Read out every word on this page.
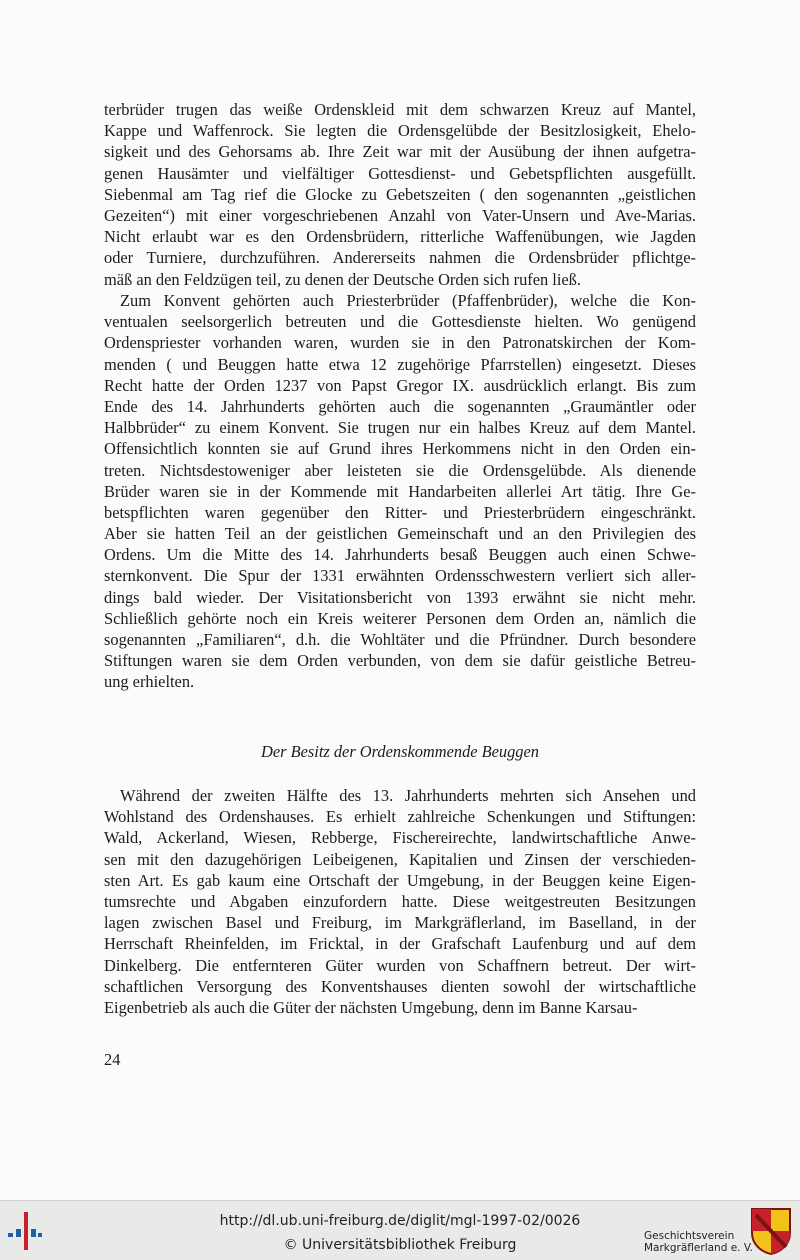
terbrüder trugen das weiße Ordenskleid mit dem schwarzen Kreuz auf Mantel,
Kappe und Waffenrock. Sie legten die Ordensgelübde der Besitzlosigkeit, Ehelo-
sigkeit und des Gehorsams ab. Ihre Zeit war mit der Ausübung der ihnen aufgetra-
genen Hausämter und vielfältiger Gottesdienst- und Gebetspflichten ausgefüllt.
Siebenmal am Tag rief die Glocke zu Gebetszeiten ( den sogenannten „geistlichen
Gezeiten“) mit einer vorgeschriebenen Anzahl von Vater-Unsern und Ave-Marias.
Nicht erlaubt war es den Ordensbrüdern, ritterliche Waffenübungen, wie Jagden
oder Turniere, durchzuführen. Andererseits nahmen die Ordensbrüder pflichtge-
mäß an den Feldzügen teil, zu denen der Deutsche Orden sich rufen ließ.
Zum Konvent gehörten auch Priesterbrüder (Pfaffenbrüder), welche die Kon-
ventualen seelsorgerlich betreuten und die Gottesdienste hielten. Wo genügend
Ordenspriester vorhanden waren, wurden sie in den Patronatskirchen der Kom-
menden ( und Beuggen hatte etwa 12 zugehörige Pfarrstellen) eingesetzt. Dieses
Recht hatte der Orden 1237 von Papst Gregor IX. ausdrücklich erlangt. Bis zum
Ende des 14. Jahrhunderts gehörten auch die sogenannten „Graumäntler oder
Halbbrüder“ zu einem Konvent. Sie trugen nur ein halbes Kreuz auf dem Mantel.
Offensichtlich konnten sie auf Grund ihres Herkommens nicht in den Orden ein-
treten. Nichtsdestoweniger aber leisteten sie die Ordensgelübde. Als dienende
Brüder waren sie in der Kommende mit Handarbeiten allerlei Art tätig. Ihre Ge-
betspflichten waren gegenüber den Ritter- und Priesterbrüdern eingeschränkt.
Aber sie hatten Teil an der geistlichen Gemeinschaft und an den Privilegien des
Ordens. Um die Mitte des 14. Jahrhunderts besaß Beuggen auch einen Schwe-
sternkonvent. Die Spur der 1331 erwähnten Ordensschwestern verliert sich aller-
dings bald wieder. Der Visitationsbericht von 1393 erwähnt sie nicht mehr.
Schließlich gehörte noch ein Kreis weiterer Personen dem Orden an, nämlich die
sogenannten „Familiaren“, d.h. die Wohltäter und die Pfründner. Durch besondere
Stiftungen waren sie dem Orden verbunden, von dem sie dafür geistliche Betreu-
ung erhielten.
Der Besitz der Ordenskommende Beuggen
Während der zweiten Hälfte des 13. Jahrhunderts mehrten sich Ansehen und
Wohlstand des Ordenshauses. Es erhielt zahlreiche Schenkungen und Stiftungen:
Wald, Ackerland, Wiesen, Rebberge, Fischereirechte, landwirtschaftliche Anwe-
sen mit den dazugehörigen Leibeigenen, Kapitalien und Zinsen der verschieden-
sten Art. Es gab kaum eine Ortschaft der Umgebung, in der Beuggen keine Eigen-
tumsrechte und Abgaben einzufordern hatte. Diese weitgestreuten Besitzungen
lagen zwischen Basel und Freiburg, im Markgräflerland, im Baselland, in der
Herrschaft Rheinfelden, im Fricktal, in der Grafschaft Laufenburg und auf dem
Dinkelberg. Die entfernteren Güter wurden von Schaffnern betreut. Der wirt-
schaftlichen Versorgung des Konventshauses dienten sowohl der wirtschaftliche
Eigenbetrieb als auch die Güter der nächsten Umgebung, denn im Banne Karsau-
24
http://dl.ub.uni-freiburg.de/diglit/mgl-1997-02/0026
© Universitätsbibliothek Freiburg
Geschichtsverein
Markgräflerland e. V.
